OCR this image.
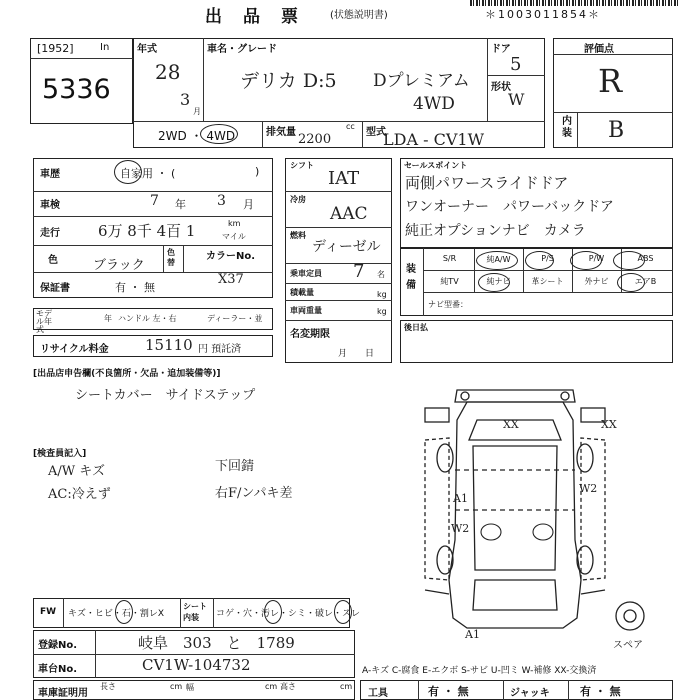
出　品　票	(状態説明書)	＊1003011854＊
[1952]	In
5336
年式
28
3
月
車名・グレード
デリカ D:5 Dプレミアム
4WD
ドア
5
形状
W
2WD ・ 4WD	排気量
cc
2200	型式
LDA - CV1W
評価点
R
内装 B
車歴	自家用 ・ (	)
車検	7 年 3 月
走行	6万 8千 4百 1	km
マイル
色	ブラック
色替
カラーNo.
X37
保証書	有 ・ 無
モデル年式
年 ハンドル 左・右	ディーラー・並
リサイクル料金 15110 円 預託済
シフト
IAT
冷房
AAC
燃料
ディーゼル
乗車定員 7 名
積載量	kg
車両重量	kg
名変期限
月　　日
セールスポイント
両側パワースライドドア
ワンオーナー　パワーバックドア
純正オプションナビ　カメラ
装備
S/R	純A/W	P/S	P/W	ABS
純TV	純ナビ	革シート	外ナビ	エアB
ナビ型番：
後日払
[出品店申告欄(不良箇所・欠品・追加装備等)]
シートカバー　サイドステップ
[検査員記入]
A/W キズ
AC:冷えず
下回錆
右F/ンパキ差
FW キズ・ヒビ・石・割レX
シート内装	コゲ・穴・汚レ・シミ・破レ・スレ
登録No.	岐阜　303　と　1789
車台No.	CV1W-104732
車庫証明用
長さ	cm 幅	cm 高さ	cm
A-キズ C-腐食 E-エクボ S-サビ U-凹ミ W-補修 XX-交換済
工具	有 ・ 無	ジャッキ	有 ・ 無
XX	XX
A1
W2
W2
A1
スペア
